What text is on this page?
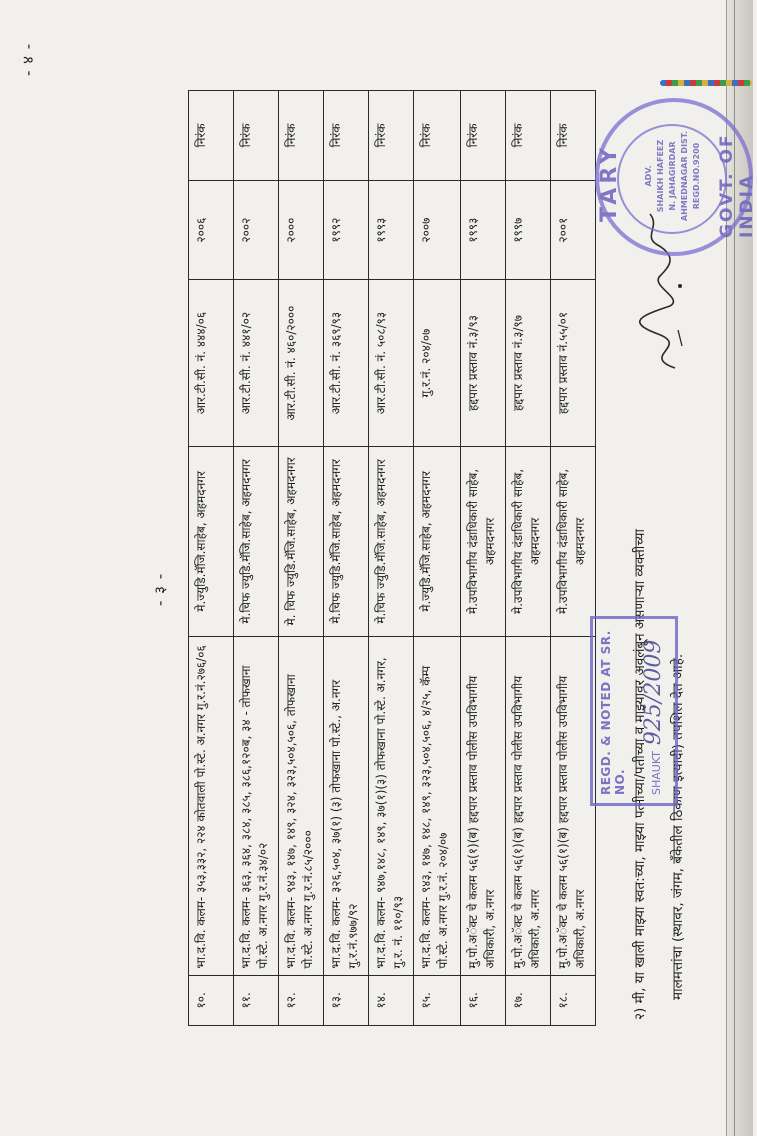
- ४ -
- ३ -
१०.	भा.द.वि. कलम- ३५३,३३२, २२४ कोतवाली पो.स्टे. अ.नगर गु.र.नं.२७६/०६	मे.ज्युडि.मॅजि.साहेब, अहमदनगर	आर.टी.सी. नं. ४४४/०६	२००६	निरंक
११.	भा.द.वि. कलम- ३६३, ३६४, ३८४, ३८५, ३८६,१२०ब, ३४ - तोफखाना पो.स्टे. अ.नगर गु.र.नं.३४/०२	मे.चिफ ज्युडि.मॅजि.साहेब, अहमदनगर	आर.टी.सी. नं. ४४१/०२	२००२	निरंक
१२.	भा.द.वि. कलम- ९४३, १४७, १४९, ३२४, ३२३,५०४,५०६, तोफखाना पो.स्टे. अ.नगर गु.र.नं.८५/२०००	मे. चिफ ज्युडि.मॅजि.साहेब, अहमदनगर	आर.टी.सी. नं. ४६०/२०००	२०००	निरंक
१३.	भा.द.वि. कलम- ३२६,५०४, ३७(१) (३) तोफखाना पो.स्टे., अ.नगर गु.र.नं.९७७/९२	मे.चिफ ज्युडि.मॅजि.साहेब, अहमदनगर	आर.टी.सी. नं. ३६९/९३	१९९२	निरंक
१४.	भा.द.वि. कलम- ९४७,१४८, १४९, ३७(१)(३) तोफखाना पो.स्टे. अ.नगर, गु.र. नं. ११०/९३	मे.चिफ ज्युडि.मॅजि.साहेब, अहमदनगर	आर.टी.सी. नं. ५०८/९३	१९९३	निरंक
१५.	भा.द.वि. कलम- ९४३, १४७, १४८, १४९, ३२३,५०४,५०६, ४/२५, कॅम्प पो.स्टे. अ.नगर गु.र.नं. २०४/०७	मे.ज्युडि.मॅजि.साहेब, अहमदनगर	गु.र.नं. २०४/०७	२००७	निरंक
१६.	मु.पो.अॅक्ट चे कलम ५६(१)(ब) हद्दपार प्रस्ताव पोलीस उपविभागीय अधिकारी, अ.नगर	मे.उपविभागीय दंडाधिकारी साहेब, अहमदनगर	हद्दपार प्रस्ताव नं.३/९३	१९९३	निरंक
१७.	मु.पो.अॅक्ट चे कलम ५६(१)(ब) हद्दपार प्रस्ताव पोलीस उपविभागीय अधिकारी, अ.नगर	मे.उपविभागीय दंडाधिकारी साहेब, अहमदनगर	हद्दपार प्रस्ताव नं.३/९७	१९९७	निरंक
१८.	मु.पो.अॅक्ट चे कलम ५६(१)(ब) हद्दपार प्रस्ताव पोलीस उपविभागीय अधिकारी, अ.नगर	मे.उपविभागीय दंडाधिकारी साहेब, अहमदनगर	हद्दपार प्रस्ताव नं.५५/०१	२००१	निरंक
२) मी, या खाली माझ्या स्वत:च्या, माझ्या पत्नीच्या/पतीच्या व माझ्यावर अवलंबून असणाऱ्या व्यक्तीच्या मालमत्तांचा (स्थावर, जंगम, बँकेतील ठिकाण इत्यादी) तपशिल देत आहे.
REGD. & NOTED AT SR. NO.	SHAUKT925/2009
TARY	ADV. SHAIKH HAFEEZ N. JAHAGIRDAR AHMEDNAGAR DIST. REGD.NO.9200 GOVT. OF INDIA
